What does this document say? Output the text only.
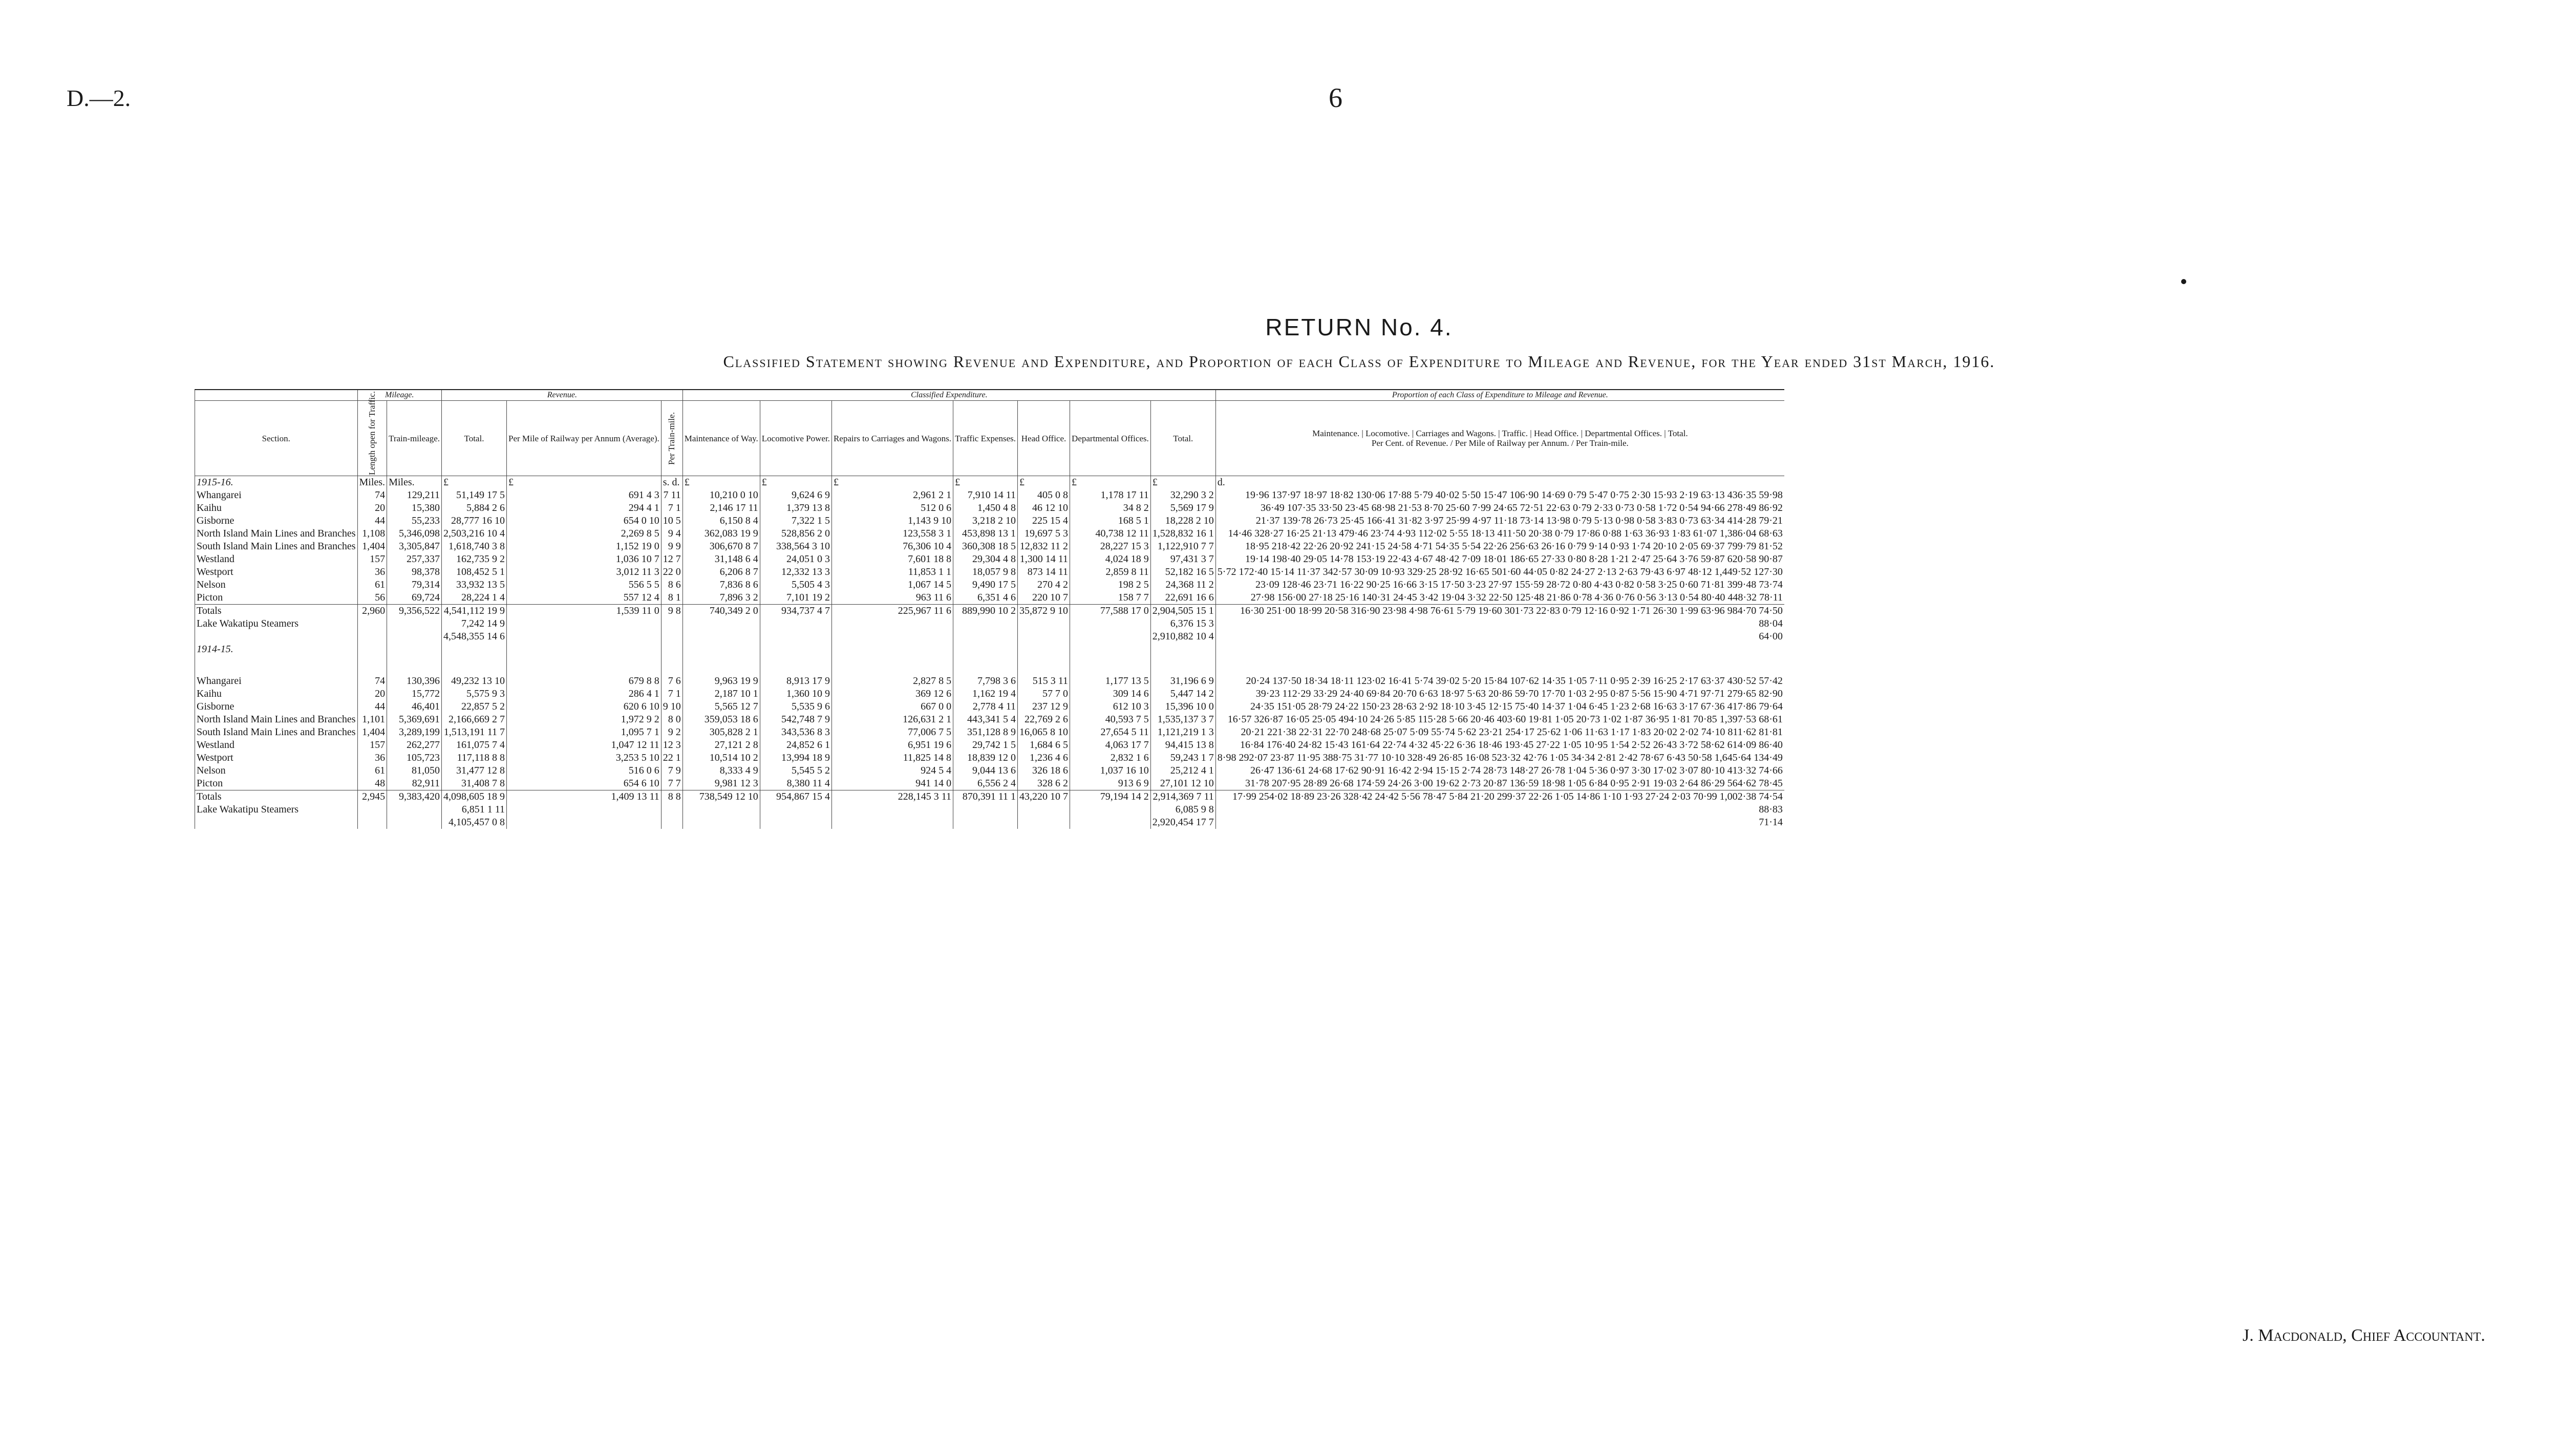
D.—2.	6
RETURN No. 4.
Classified Statement showing Revenue and Expenditure, and Proportion of each Class of Expenditure to Mileage and Revenue, for the Year ended 31st March, 1916.
	Mileage.		Revenue.			Classified Expenditure.							Proportion of each Class of Expenditure to Mileage and Revenue.
Section.	Length open for Traffic.	Train-mileage.	Total.	Per Mile of Railway per Annum (Average).	Per Train-mile.	Maintenance of Way.	Locomotive Power.	Repairs to Carriages and Wagons.	Traffic Expenses.	Head Office.	Departmental Offices.	Total.	Maintenance. | Locomotive. | Carriages and Wagons. | Traffic. | Head Office. | Departmental Offices. | Total.
Per Cent. of Revenue. / Per Mile of Railway per Annum. / Per Train-mile.
1915-16.	Miles.	Miles.	£	£	s. d.	£	£	£	£	£	£	£	d.
Whangarei	74	129,211	51,149 17 5	691 4 3	7 11	10,210 0 10	9,624 6 9	2,961 2 1	7,910 14 11	405 0 8	1,178 17 11	32,290 3 2	19·96 137·97 18·97 18·82 130·06 17·88 5·79 40·02 5·50 15·47 106·90 14·69 0·79 5·47 0·75 2·30 15·93 2·19 63·13 436·35 59·98
Kaihu	20	15,380	5,884 2 6	294 4 1	7 1	2,146 17 11	1,379 13 8	512 0 6	1,450 4 8	46 12 10	34 8 2	5,569 17 9	36·49 107·35 33·50 23·45 68·98 21·53 8·70 25·60 7·99 24·65 72·51 22·63 0·79 2·33 0·73 0·58 1·72 0·54 94·66 278·49 86·92
Gisborne	44	55,233	28,777 16 10	654 0 10	10 5	6,150 8 4	7,322 1 5	1,143 9 10	3,218 2 10	225 15 4	168 5 1	18,228 2 10	21·37 139·78 26·73 25·45 166·41 31·82 3·97 25·99 4·97 11·18 73·14 13·98 0·79 5·13 0·98 0·58 3·83 0·73 63·34 414·28 79·21
North Island Main Lines and Branches	1,108	5,346,098	2,503,216 10 4	2,269 8 5	9 4	362,083 19 9	528,856 2 0	123,558 3 1	453,898 13 1	19,697 5 3	40,738 12 11	1,528,832 16 1	14·46 328·27 16·25 21·13 479·46 23·74 4·93 112·02 5·55 18·13 411·50 20·38 0·79 17·86 0·88 1·63 36·93 1·83 61·07 1,386·04 68·63
South Island Main Lines and Branches	1,404	3,305,847	1,618,740 3 8	1,152 19 0	9 9	306,670 8 7	338,564 3 10	76,306 10 4	360,308 18 5	12,832 11 2	28,227 15 3	1,122,910 7 7	18·95 218·42 22·26 20·92 241·15 24·58 4·71 54·35 5·54 22·26 256·63 26·16 0·79 9·14 0·93 1·74 20·10 2·05 69·37 799·79 81·52
Westland	157	257,337	162,735 9 2	1,036 10 7	12 7	31,148 6 4	24,051 0 3	7,601 18 8	29,304 4 8	1,300 14 11	4,024 18 9	97,431 3 7	19·14 198·40 29·05 14·78 153·19 22·43 4·67 48·42 7·09 18·01 186·65 27·33 0·80 8·28 1·21 2·47 25·64 3·76 59·87 620·58 90·87
Westport	36	98,378	108,452 5 1	3,012 11 3	22 0	6,206 8 7	12,332 13 3	11,853 1 1	18,057 9 8	873 14 11	2,859 8 11	52,182 16 5	5·72 172·40 15·14 11·37 342·57 30·09 10·93 329·25 28·92 16·65 501·60 44·05 0·82 24·27 2·13 2·63 79·43 6·97 48·12 1,449·52 127·30
Nelson	61	79,314	33,932 13 5	556 5 5	8 6	7,836 8 6	5,505 4 3	1,067 14 5	9,490 17 5	270 4 2	198 2 5	24,368 11 2	23·09 128·46 23·71 16·22 90·25 16·66 3·15 17·50 3·23 27·97 155·59 28·72 0·80 4·43 0·82 0·58 3·25 0·60 71·81 399·48 73·74
Picton	56	69,724	28,224 1 4	557 12 4	8 1	7,896 3 2	7,101 19 2	963 11 6	6,351 4 6	220 10 7	158 7 7	22,691 16 6	27·98 156·00 27·18 25·16 140·31 24·45 3·42 19·04 3·32 22·50 125·48 21·86 0·78 4·36 0·76 0·56 3·13 0·54 80·40 448·32 78·11
Totals	2,960	9,356,522	4,541,112 19 9	1,539 11 0	9 8	740,349 2 0	934,737 4 7	225,967 11 6	889,990 10 2	35,872 9 10	77,588 17 0	2,904,505 15 1	16·30 251·00 18·99 20·58 316·90 23·98 4·98 76·61 5·79 19·60 301·73 22·83 0·79 12·16 0·92 1·71 26·30 1·99 63·96 984·70 74·50
Lake Wakatipu Steamers			7,242 14 9									6,376 15 3	88·04
			4,548,355 14 6									2,910,882 10 4	64·00
1914-15.													
Whangarei	74	130,396	49,232 13 10	679 8 8	7 6	9,963 19 9	8,913 17 9	2,827 8 5	7,798 3 6	515 3 11	1,177 13 5	31,196 6 9	20·24 137·50 18·34 18·11 123·02 16·41 5·74 39·02 5·20 15·84 107·62 14·35 1·05 7·11 0·95 2·39 16·25 2·17 63·37 430·52 57·42
Kaihu	20	15,772	5,575 9 3	286 4 1	7 1	2,187 10 1	1,360 10 9	369 12 6	1,162 19 4	57 7 0	309 14 6	5,447 14 2	39·23 112·29 33·29 24·40 69·84 20·70 6·63 18·97 5·63 20·86 59·70 17·70 1·03 2·95 0·87 5·56 15·90 4·71 97·71 279·65 82·90
Gisborne	44	46,401	22,857 5 2	620 6 10	9 10	5,565 12 7	5,535 9 6	667 0 0	2,778 4 11	237 12 9	612 10 3	15,396 10 0	24·35 151·05 28·79 24·22 150·23 28·63 2·92 18·10 3·45 12·15 75·40 14·37 1·04 6·45 1·23 2·68 16·63 3·17 67·36 417·86 79·64
North Island Main Lines and Branches	1,101	5,369,691	2,166,669 2 7	1,972 9 2	8 0	359,053 18 6	542,748 7 9	126,631 2 1	443,341 5 4	22,769 2 6	40,593 7 5	1,535,137 3 7	16·57 326·87 16·05 25·05 494·10 24·26 5·85 115·28 5·66 20·46 403·60 19·81 1·05 20·73 1·02 1·87 36·95 1·81 70·85 1,397·53 68·61
South Island Main Lines and Branches	1,404	3,289,199	1,513,191 11 7	1,095 7 1	9 2	305,828 2 1	343,536 8 3	77,006 7 5	351,128 8 9	16,065 8 10	27,654 5 11	1,121,219 1 3	20·21 221·38 22·31 22·70 248·68 25·07 5·09 55·74 5·62 23·21 254·17 25·62 1·06 11·63 1·17 1·83 20·02 2·02 74·10 811·62 81·81
Westland	157	262,277	161,075 7 4	1,047 12 11	12 3	27,121 2 8	24,852 6 1	6,951 19 6	29,742 1 5	1,684 6 5	4,063 17 7	94,415 13 8	16·84 176·40 24·82 15·43 161·64 22·74 4·32 45·22 6·36 18·46 193·45 27·22 1·05 10·95 1·54 2·52 26·43 3·72 58·62 614·09 86·40
Westport	36	105,723	117,118 8 8	3,253 5 10	22 1	10,514 10 2	13,994 18 9	11,825 14 8	18,839 12 0	1,236 4 6	2,832 1 6	59,243 1 7	8·98 292·07 23·87 11·95 388·75 31·77 10·10 328·49 26·85 16·08 523·32 42·76 1·05 34·34 2·81 2·42 78·67 6·43 50·58 1,645·64 134·49
Nelson	61	81,050	31,477 12 8	516 0 6	7 9	8,333 4 9	5,545 5 2	924 5 4	9,044 13 6	326 18 6	1,037 16 10	25,212 4 1	26·47 136·61 24·68 17·62 90·91 16·42 2·94 15·15 2·74 28·73 148·27 26·78 1·04 5·36 0·97 3·30 17·02 3·07 80·10 413·32 74·66
Picton	48	82,911	31,408 7 8	654 6 10	7 7	9,981 12 3	8,380 11 4	941 14 0	6,556 2 4	328 6 2	913 6 9	27,101 12 10	31·78 207·95 28·89 26·68 174·59 24·26 3·00 19·62 2·73 20·87 136·59 18·98 1·05 6·84 0·95 2·91 19·03 2·64 86·29 564·62 78·45
Totals	2,945	9,383,420	4,098,605 18 9	1,409 13 11	8 8	738,549 12 10	954,867 15 4	228,145 3 11	870,391 11 1	43,220 10 7	79,194 14 2	2,914,369 7 11	17·99 254·02 18·89 23·26 328·42 24·42 5·56 78·47 5·84 21·20 299·37 22·26 1·05 14·86 1·10 1·93 27·24 2·03 70·99 1,002·38 74·54
Lake Wakatipu Steamers			6,851 1 11									6,085 9 8	88·83
			4,105,457 0 8									2,920,454 17 7	71·14
J. Macdonald, Chief Accountant.
